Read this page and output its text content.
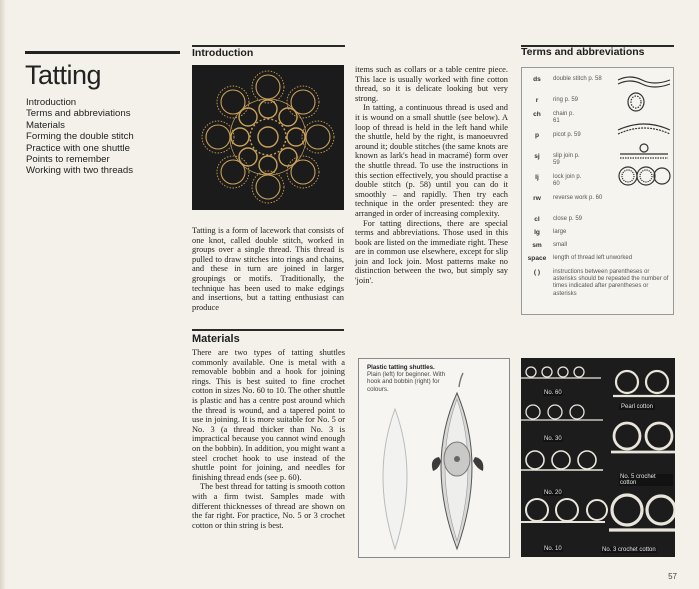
Tatting
Introduction
Terms and abbreviations
Materials
Forming the double stitch
Practice with one shuttle
Points to remember
Working with two threads
Introduction

Tatting is a form of lacework that consists of one knot, called double stitch, worked in groups over a single thread. This thread is pulled to draw stitches into rings and chains, and these in turn are joined in larger groupings or motifs. Traditionally, the technique has been used to make edgings and insertions, but a tatting enthusiast can produce

items such as collars or a table centre piece. This lace is usually worked with fine cotton thread, so it is delicate looking but very strong.

In tatting, a continuous thread is used and it is wound on a small shuttle (see below). A loop of thread is held in the left hand while the shuttle, held by the right, is manoeuvred around it; double stitches (the same knots are known as lark's head in macramé) form over the shuttle thread. To use the instructions in this section effectively, you should practise a double stitch (p. 58) until you can do it smoothly – and rapidly. Then try each technique in the order presented: they are arranged in order of increasing complexity.

For tatting directions, there are special terms and abbreviations. Those used in this book are listed on the immediate right. These are in common use elsewhere, except for slip join and lock join. Most patterns make no distinction between the two, but simply say 'join'.

Terms and abbreviations
ds	double stitch p. 58
r	ring p. 59
ch	chain p. 61
p	picot p. 59
sj	slip join p. 59
lj	lock join p. 60
rw	reverse work p. 60
cl	close p. 59
lg	large
sm	small
space	length of thread left unworked
( )	instructions between parentheses or asterisks should be repeated the number of times indicated after parentheses or asterisks
Materials

There are two types of tatting shuttles commonly available. One is metal with a removable bobbin and a hook for joining rings. This is best suited to fine crochet cotton in sizes No. 60 to 10. The other shuttle is plastic and has a centre post around which the thread is wound, and a tapered point to use in joining. It is more suitable for No. 5 or No. 3 (a thread thicker than No. 3 is impractical because you cannot wind enough on the bobbin). In addition, you might want a steel crochet hook to use instead of the shuttle point for joining, and needles for finishing thread ends (see p. 60).

The best thread for tatting is smooth cotton with a firm twist. Samples made with different thicknesses of thread are shown on the far right. For practice, No. 5 or 3 crochet cotton or thin string is best.

Plastic tatting shuttles.
Plain (left) for beginner. With hook and bobbin (right) for colours.
No. 60
No. 30
No. 20
No. 10
Pearl cotton
No. 5 crochet cotton
No. 3 crochet cotton
57
